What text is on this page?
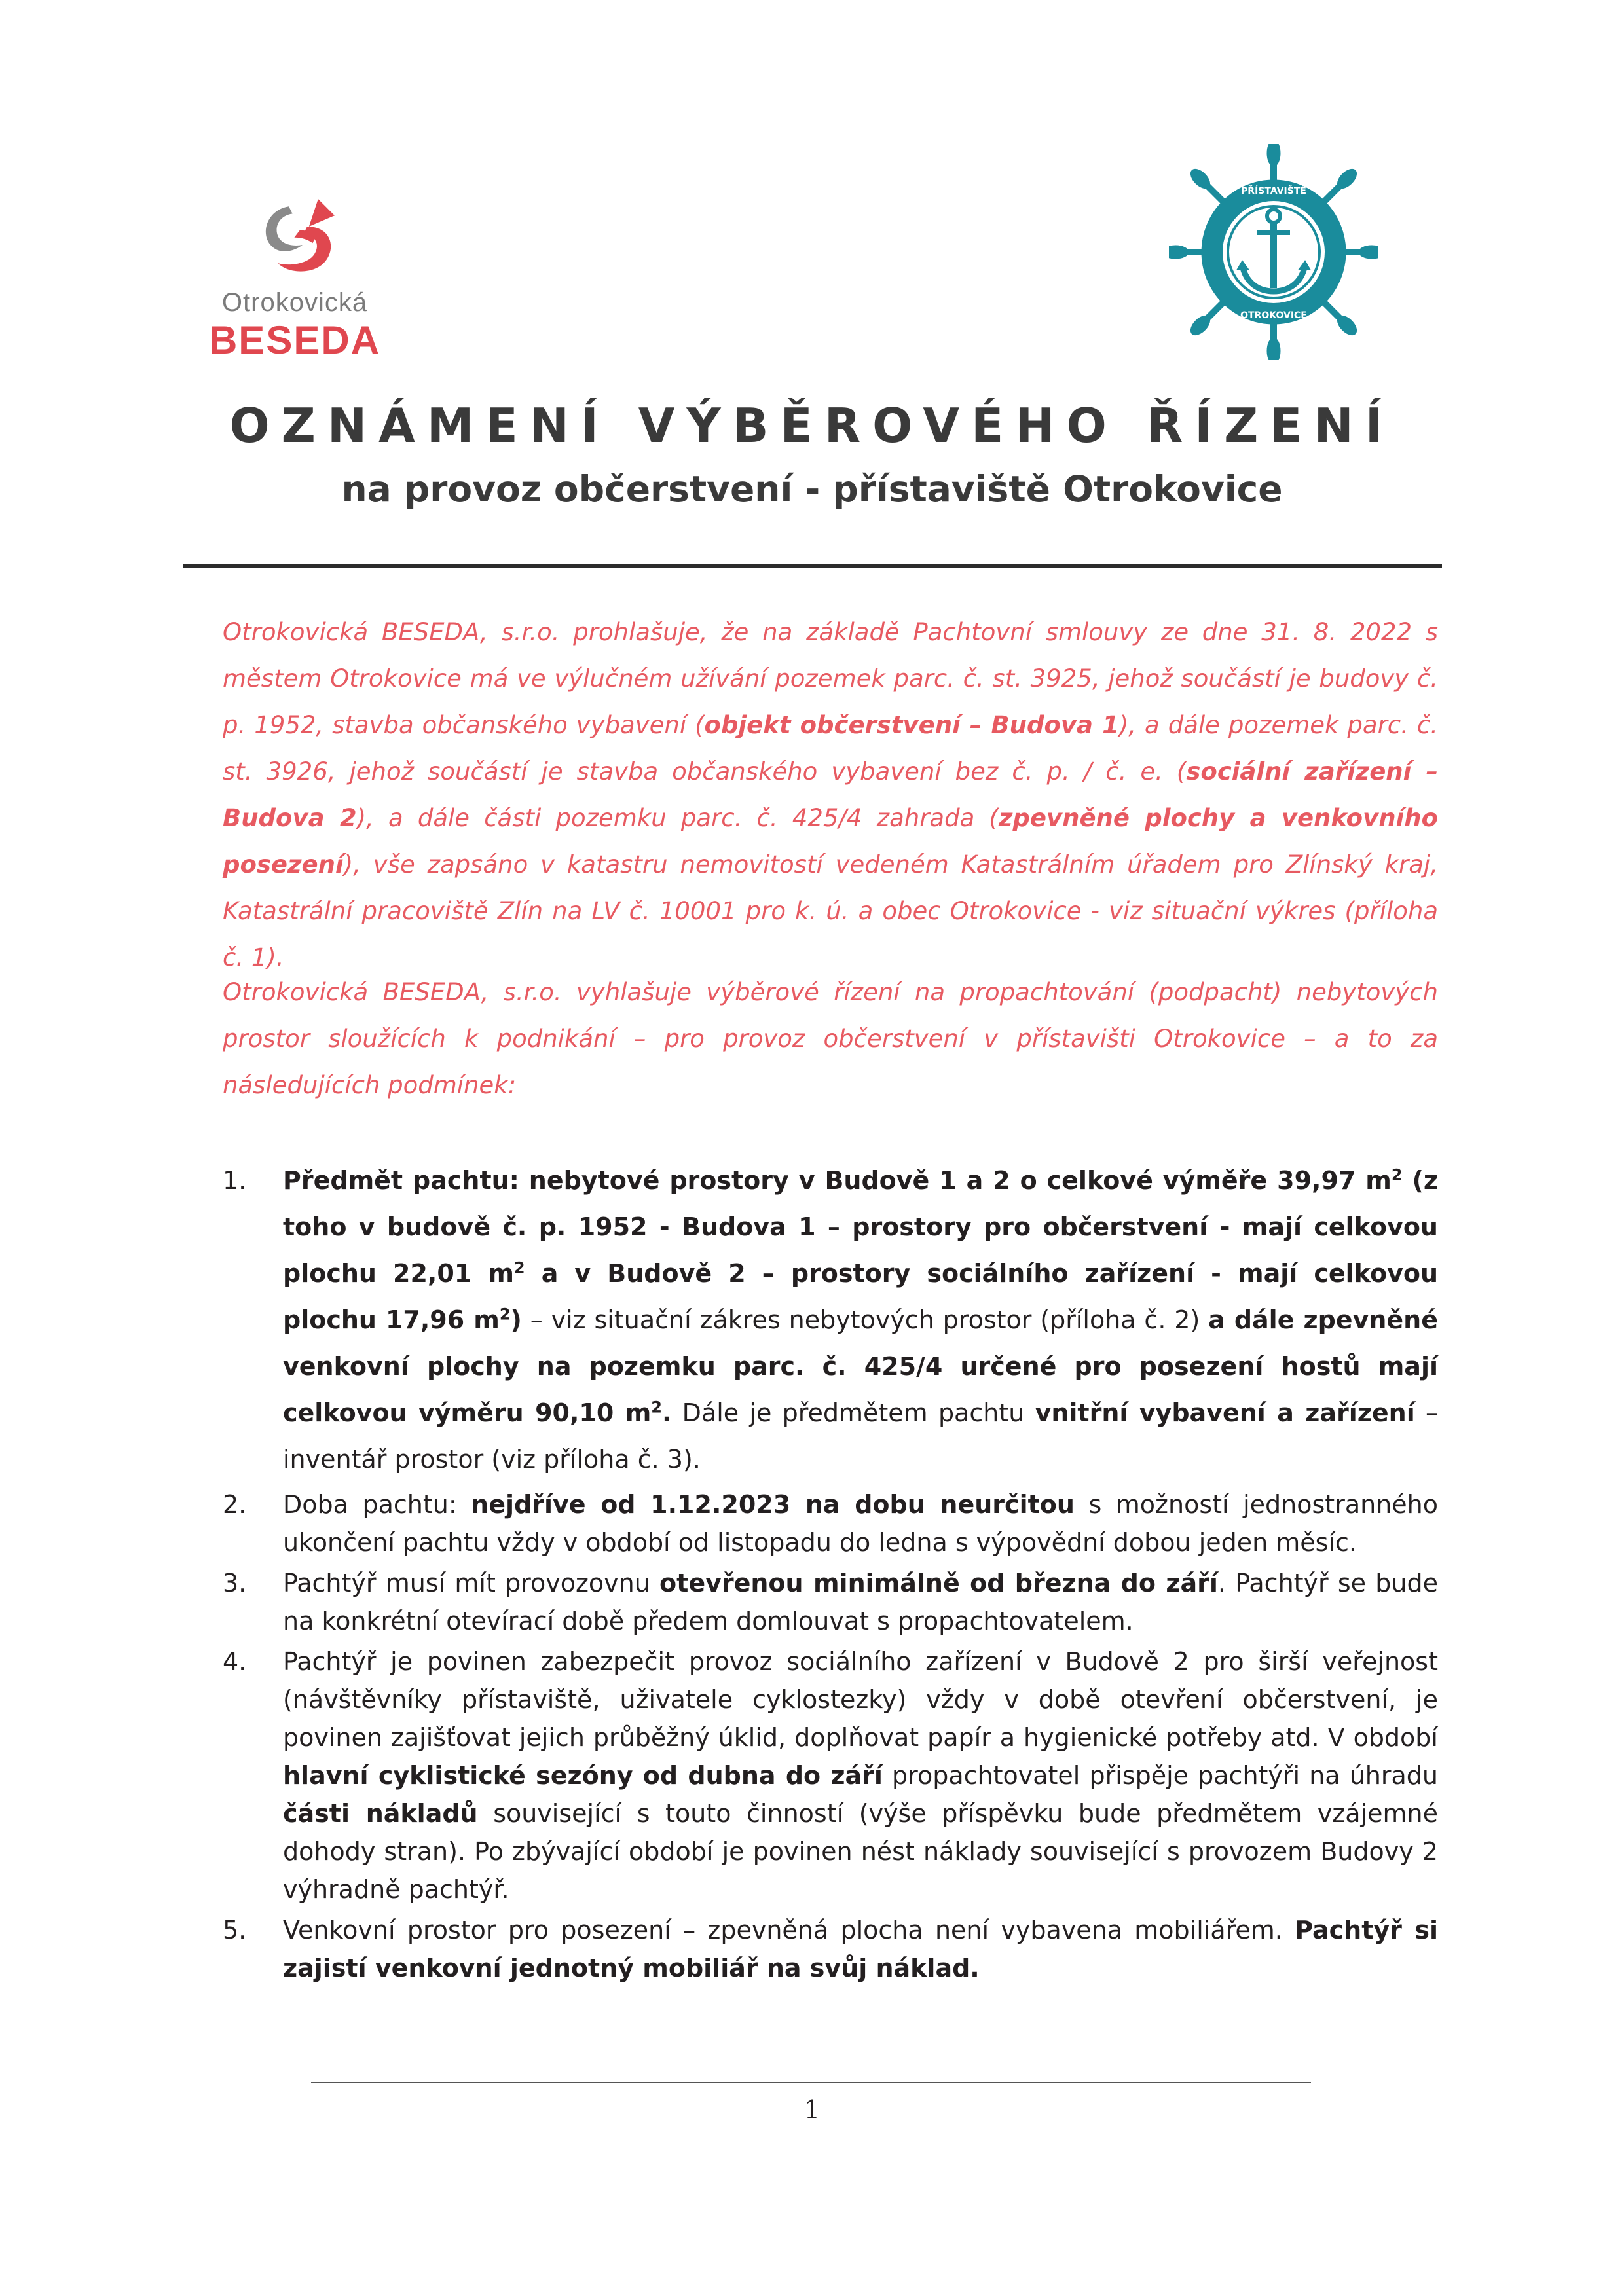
Otrokovická
BESEDA
PŘÍSTAVIŠTĚ
OTROKOVICE
OZNÁMENÍ VÝBĚROVÉHO ŘÍZENÍ
na provoz občerstvení - přístaviště Otrokovice
Otrokovická BESEDA, s.r.o. prohlašuje, že na základě Pachtovní smlouvy ze dne 31. 8. 2022 s městem Otrokovice má ve výlučném užívání pozemek parc. č. st. 3925, jehož součástí je budovy č. p. 1952, stavba občanského vybavení (objekt občerstvení – Budova 1), a dále pozemek parc. č. st. 3926, jehož součástí je stavba občanského vybavení bez č. p. / č. e. (sociální zařízení – Budova 2), a dále části pozemku parc. č. 425/4 zahrada (zpevněné plochy a venkovního posezení), vše zapsáno v katastru nemovitostí vedeném Katastrálním úřadem pro Zlínský kraj, Katastrální pracoviště Zlín na LV č. 10001 pro k. ú. a obec Otrokovice - viz situační výkres (příloha č. 1).
Otrokovická BESEDA, s.r.o. vyhlašuje výběrové řízení na propachtování (podpacht) nebytových prostor sloužících k podnikání – pro provoz občerstvení v přístavišti Otrokovice – a to za následujících podmínek:
1. Předmět pachtu: nebytové prostory v Budově 1 a 2 o celkové výměře 39,97 $m^2$ (z toho v budově č. p. 1952 - Budova 1 – prostory pro občerstvení - mají celkovou plochu 22,01 $m^2$ a v Budově 2 – prostory sociálního zařízení - mají celkovou plochu 17,96 $m^2$) – viz situační zákres nebytových prostor (příloha č. 2) a dále zpevněné venkovní plochy na pozemku parc. č. 425/4 určené pro posezení hostů mají celkovou výměru 90,10 $m^2$. Dále je předmětem pachtu vnitřní vybavení a zařízení – inventář prostor (viz příloha č. 3).
2. Doba pachtu: nejdříve od 1.12.2023 na dobu neurčitou s možností jednostranného ukončení pachtu vždy v období od listopadu do ledna s výpovědní dobou jeden měsíc.
3. Pachtýř musí mít provozovnu otevřenou minimálně od března do září. Pachtýř se bude na konkrétní otevírací době předem domlouvat s propachtovatelem.
4. Pachtýř je povinen zabezpečit provoz sociálního zařízení v Budově 2 pro širší veřejnost (návštěvníky přístaviště, uživatele cyklostezky) vždy v době otevření občerstvení, je povinen zajišťovat jejich průběžný úklid, doplňovat papír a hygienické potřeby atd. V období hlavní cyklistické sezóny od dubna do září propachtovatel přispěje pachtýři na úhradu části nákladů související s touto činností (výše příspěvku bude předmětem vzájemné dohody stran). Po zbývající období je povinen nést náklady související s provozem Budovy 2 výhradně pachtýř.
5. Venkovní prostor pro posezení – zpevněná plocha není vybavena mobiliářem. Pachtýř si zajistí venkovní jednotný mobiliář na svůj náklad.
1
